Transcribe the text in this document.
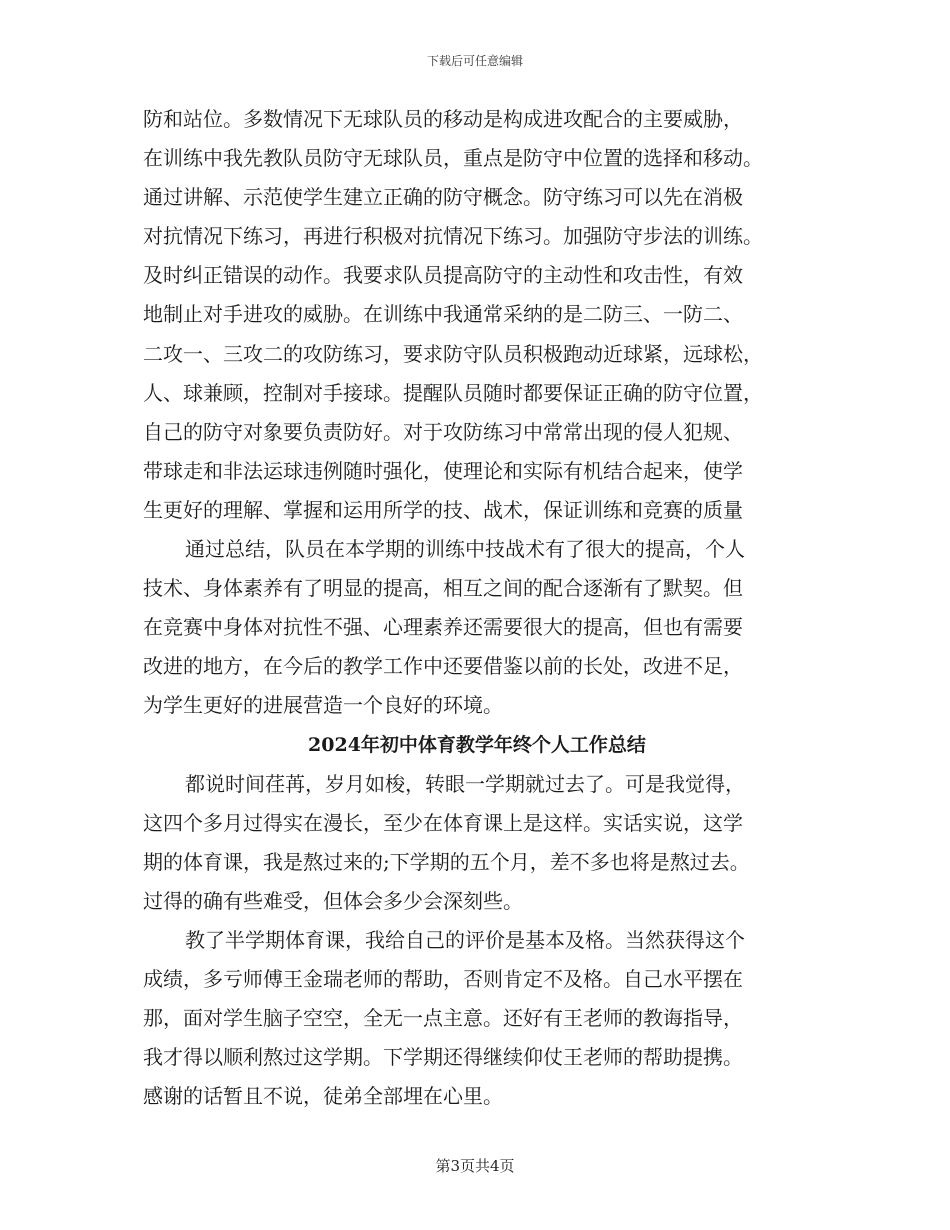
下载后可任意编辑
防和站位。多数情况下无球队员的移动是构成进攻配合的主要威胁，
在训练中我先教队员防守无球队员，重点是防守中位置的选择和移动。
通过讲解、示范使学生建立正确的防守概念。防守练习可以先在消极
对抗情况下练习，再进行积极对抗情况下练习。加强防守步法的训练。
及时纠正错误的动作。我要求队员提高防守的主动性和攻击性，有效
地制止对手进攻的威胁。在训练中我通常采纳的是二防三、一防二、
二攻一、三攻二的攻防练习，要求防守队员积极跑动近球紧，远球松，
人、球兼顾，控制对手接球。提醒队员随时都要保证正确的防守位置，
自己的防守对象要负责防好。对于攻防练习中常常出现的侵人犯规、
带球走和非法运球违例随时强化，使理论和实际有机结合起来，使学
生更好的理解、掌握和运用所学的技、战术，保证训练和竞赛的质量
通过总结，队员在本学期的训练中技战术有了很大的提高，个人
技术、身体素养有了明显的提高，相互之间的配合逐渐有了默契。但
在竞赛中身体对抗性不强、心理素养还需要很大的提高，但也有需要
改进的地方，在今后的教学工作中还要借鉴以前的长处，改进不足，
为学生更好的进展营造一个良好的环境。
2024年初中体育教学年终个人工作总结
都说时间荏苒，岁月如梭，转眼一学期就过去了。可是我觉得，
这四个多月过得实在漫长，至少在体育课上是这样。实话实说，这学
期的体育课，我是熬过来的;下学期的五个月，差不多也将是熬过去。
过得的确有些难受，但体会多少会深刻些。
教了半学期体育课，我给自己的评价是基本及格。当然获得这个
成绩，多亏师傅王金瑞老师的帮助，否则肯定不及格。自己水平摆在
那，面对学生脑子空空，全无一点主意。还好有王老师的教诲指导，
我才得以顺利熬过这学期。下学期还得继续仰仗王老师的帮助提携。
感谢的话暂且不说，徒弟全部埋在心里。
第3页共4页
